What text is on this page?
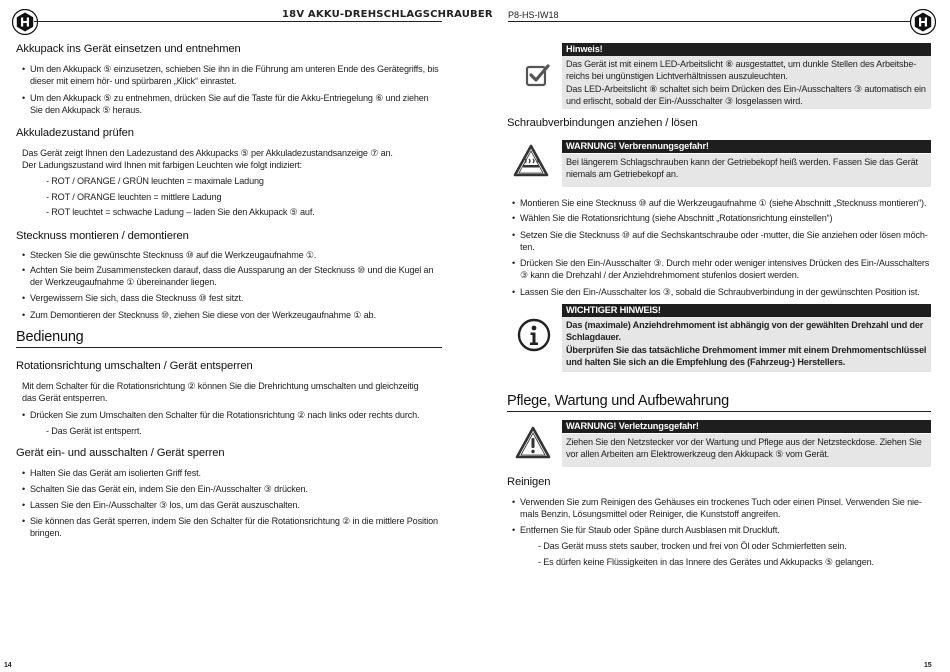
18V AKKU-DREHSCHLAGSCHRAUBER P8-HS-IW18
Akkupack ins Gerät einsetzen und entnehmen
• Um den Akkupack ⑤ einzusetzen, schieben Sie ihn in die Führung am unteren Ende des Gerätegriffs, bis
dieser mit einem hör- und spürbaren „Klick“ einrastet.
• Um den Akkupack ⑤ zu entnehmen, drücken Sie auf die Taste für die Akku-Entriegelung ⑥ und ziehen
Sie den Akkupack ⑤ heraus.
Akkuladezustand prüfen
Das Gerät zeigt Ihnen den Ladezustand des Akkupacks ⑤ per Akkuladezustandsanzeige ⑦ an.
Der Ladungszustand wird Ihnen mit farbigen Leuchten wie folgt indiziert:
- ROT / ORANGE / GRÜN leuchten = maximale Ladung
- ROT / ORANGE leuchten = mittlere Ladung
- ROT leuchtet = schwache Ladung – laden Sie den Akkupack ⑤ auf.
Stecknuss montieren / demontieren
• Stecken Sie die gewünschte Stecknuss ⑩ auf die Werkzeugaufnahme ①.
• Achten Sie beim Zusammenstecken darauf, dass die Aussparung an der Stecknuss ⑩ und die Kugel an
der Werkzeugaufnahme ① übereinander liegen.
• Vergewissern Sie sich, dass die Stecknuss ⑩ fest sitzt.
• Zum Demontieren der Stecknuss ⑩, ziehen Sie diese von der Werkzeugaufnahme ① ab.
Bedienung
Rotationsrichtung umschalten / Gerät entsperren
Mit dem Schalter für die Rotationsrichtung ② können Sie die Drehrichtung umschalten und gleichzeitig
das Gerät entsperren.
• Drücken Sie zum Umschalten den Schalter für die Rotationsrichtung ② nach links oder rechts durch.
- Das Gerät ist entsperrt.
Gerät ein- und ausschalten / Gerät sperren
• Halten Sie das Gerät am isolierten Griff fest.
• Schalten Sie das Gerät ein, indem Sie den Ein-/Ausschalter ③ drücken.
• Lassen Sie den Ein-/Ausschalter ③ los, um das Gerät auszuschalten.
• Sie können das Gerät sperren, indem Sie den Schalter für die Rotationsrichtung ② in die mittlere Position
bringen.
14
Hinweis!
Das Gerät ist mit einem LED-Arbeitslicht ⑧ ausgestattet, um dunkle Stellen des Arbeitsbe-
reichs bei ungünstigen Lichtverhältnissen auszuleuchten.
Das LED-Arbeitslicht ⑧ schaltet sich beim Drücken des Ein-/Ausschalters ③ automatisch ein
und erlischt, sobald der Ein-/Ausschalter ③ losgelassen wird.
Schraubverbindungen anziehen / lösen
WARNUNG! Verbrennungsgefahr!
Bei längerem Schlagschrauben kann der Getriebekopf heiß werden. Fassen Sie das Gerät
niemals am Getriebekopf an.
• Montieren Sie eine Stecknuss ⑩ auf die Werkzeugaufnahme ① (siehe Abschnitt „Stecknuss montieren“).
• Wählen Sie die Rotationsrichtung (siehe Abschnitt „Rotationsrichtung einstellen“)
• Setzen Sie die Stecknuss ⑩ auf die Sechskantschraube oder -mutter, die Sie anziehen oder lösen möch-
ten.
• Drücken Sie den Ein-/Ausschalter ③. Durch mehr oder weniger intensives Drücken des Ein-/Ausschalters
③ kann die Drehzahl / der Anziehdrehmoment stufenlos dosiert werden.
• Lassen Sie den Ein-/Ausschalter los ③, sobald die Schraubverbindung in der gewünschten Position ist.
WICHTIGER HINWEIS!
Das (maximale) Anziehdrehmoment ist abhängig von der gewählten Drehzahl und der
Schlagdauer.
Überprüfen Sie das tatsächliche Drehmoment immer mit einem Drehmomentschlüssel
und halten Sie sich an die Empfehlung des (Fahrzeug-) Herstellers.
Pflege, Wartung und Aufbewahrung
WARNUNG! Verletzungsgefahr!
Ziehen Sie den Netzstecker vor der Wartung und Pflege aus der Netzsteckdose. Ziehen Sie
vor allen Arbeiten am Elektrowerkzeug den Akkupack ⑤ vom Gerät.
Reinigen
• Verwenden Sie zum Reinigen des Gehäuses ein trockenes Tuch oder einen Pinsel. Verwenden Sie nie-
mals Benzin, Lösungsmittel oder Reiniger, die Kunststoff angreifen.
• Entfernen Sie für Staub oder Späne durch Ausblasen mit Druckluft.
- Das Gerät muss stets sauber, trocken und frei von Öl oder Schmierfetten sein.
- Es dürfen keine Flüssigkeiten in das Innere des Gerätes und Akkupacks ⑤ gelangen.
15
